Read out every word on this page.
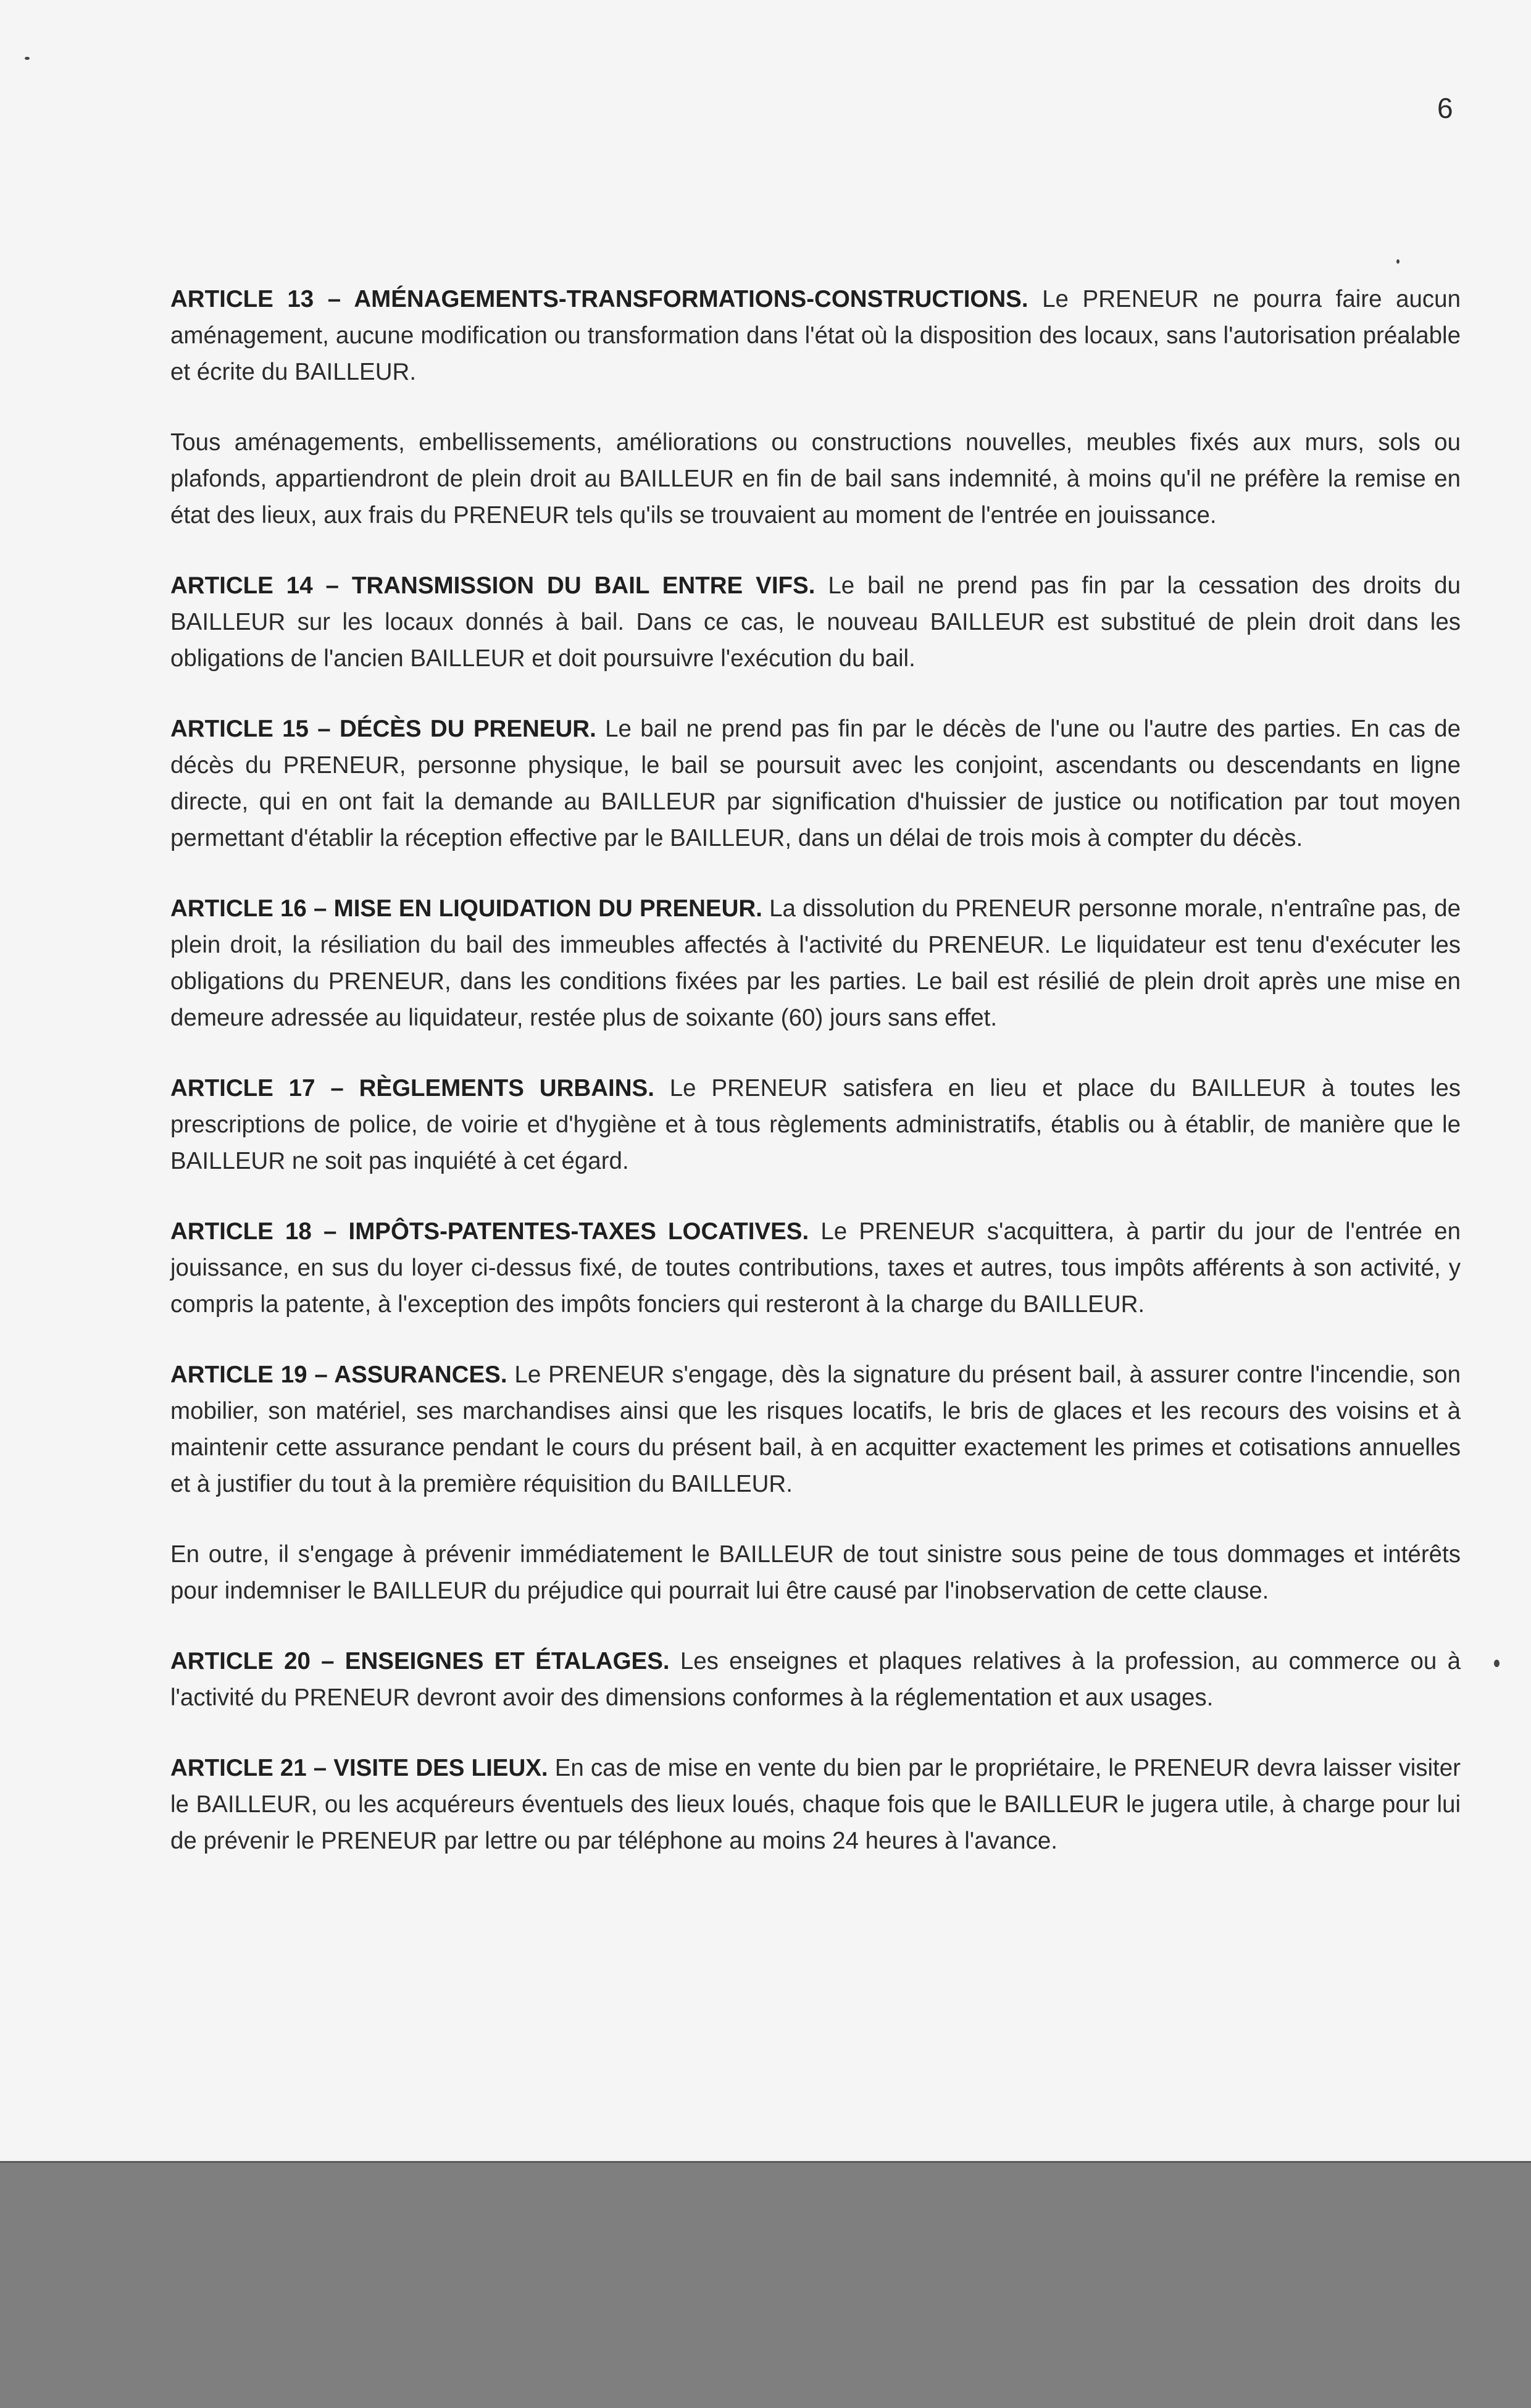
6

ARTICLE 13 – AMÉNAGEMENTS-TRANSFORMATIONS-CONSTRUCTIONS. Le PRENEUR ne pourra faire aucun aménagement, aucune modification ou transformation dans l'état où la disposition des locaux, sans l'autorisation préalable et écrite du BAILLEUR.

Tous aménagements, embellissements, améliorations ou constructions nouvelles, meubles fixés aux murs, sols ou plafonds, appartiendront de plein droit au BAILLEUR en fin de bail sans indemnité, à moins qu'il ne préfère la remise en état des lieux, aux frais du PRENEUR tels qu'ils se trouvaient au moment de l'entrée en jouissance.

ARTICLE 14 – TRANSMISSION DU BAIL ENTRE VIFS. Le bail ne prend pas fin par la cessation des droits du BAILLEUR sur les locaux donnés à bail. Dans ce cas, le nouveau BAILLEUR est substitué de plein droit dans les obligations de l'ancien BAILLEUR et doit poursuivre l'exécution du bail.

ARTICLE 15 – DÉCÈS DU PRENEUR. Le bail ne prend pas fin par le décès de l'une ou l'autre des parties. En cas de décès du PRENEUR, personne physique, le bail se poursuit avec les conjoint, ascendants ou descendants en ligne directe, qui en ont fait la demande au BAILLEUR par signification d'huissier de justice ou notification par tout moyen permettant d'établir la réception effective par le BAILLEUR, dans un délai de trois mois à compter du décès.

ARTICLE 16 – MISE EN LIQUIDATION DU PRENEUR. La dissolution du PRENEUR personne morale, n'entraîne pas, de plein droit, la résiliation du bail des immeubles affectés à l'activité du PRENEUR. Le liquidateur est tenu d'exécuter les obligations du PRENEUR, dans les conditions fixées par les parties. Le bail est résilié de plein droit après une mise en demeure adressée au liquidateur, restée plus de soixante (60) jours sans effet.

ARTICLE 17 – RÈGLEMENTS URBAINS. Le PRENEUR satisfera en lieu et place du BAILLEUR à toutes les prescriptions de police, de voirie et d'hygiène et à tous règlements administratifs, établis ou à établir, de manière que le BAILLEUR ne soit pas inquiété à cet égard.

ARTICLE 18 – IMPÔTS-PATENTES-TAXES LOCATIVES. Le PRENEUR s'acquittera, à partir du jour de l'entrée en jouissance, en sus du loyer ci-dessus fixé, de toutes contributions, taxes et autres, tous impôts afférents à son activité, y compris la patente, à l'exception des impôts fonciers qui resteront à la charge du BAILLEUR.

ARTICLE 19 – ASSURANCES. Le PRENEUR s'engage, dès la signature du présent bail, à assurer contre l'incendie, son mobilier, son matériel, ses marchandises ainsi que les risques locatifs, le bris de glaces et les recours des voisins et à maintenir cette assurance pendant le cours du présent bail, à en acquitter exactement les primes et cotisations annuelles et à justifier du tout à la première réquisition du BAILLEUR.

En outre, il s'engage à prévenir immédiatement le BAILLEUR de tout sinistre sous peine de tous dommages et intérêts pour indemniser le BAILLEUR du préjudice qui pourrait lui être causé par l'inobservation de cette clause.

ARTICLE 20 – ENSEIGNES ET ÉTALAGES. Les enseignes et plaques relatives à la profession, au commerce ou à l'activité du PRENEUR devront avoir des dimensions conformes à la réglementation et aux usages.

ARTICLE 21 – VISITE DES LIEUX. En cas de mise en vente du bien par le propriétaire, le PRENEUR devra laisser visiter le BAILLEUR, ou les acquéreurs éventuels des lieux loués, chaque fois que le BAILLEUR le jugera utile, à charge pour lui de prévenir le PRENEUR par lettre ou par téléphone au moins 24 heures à l'avance.
